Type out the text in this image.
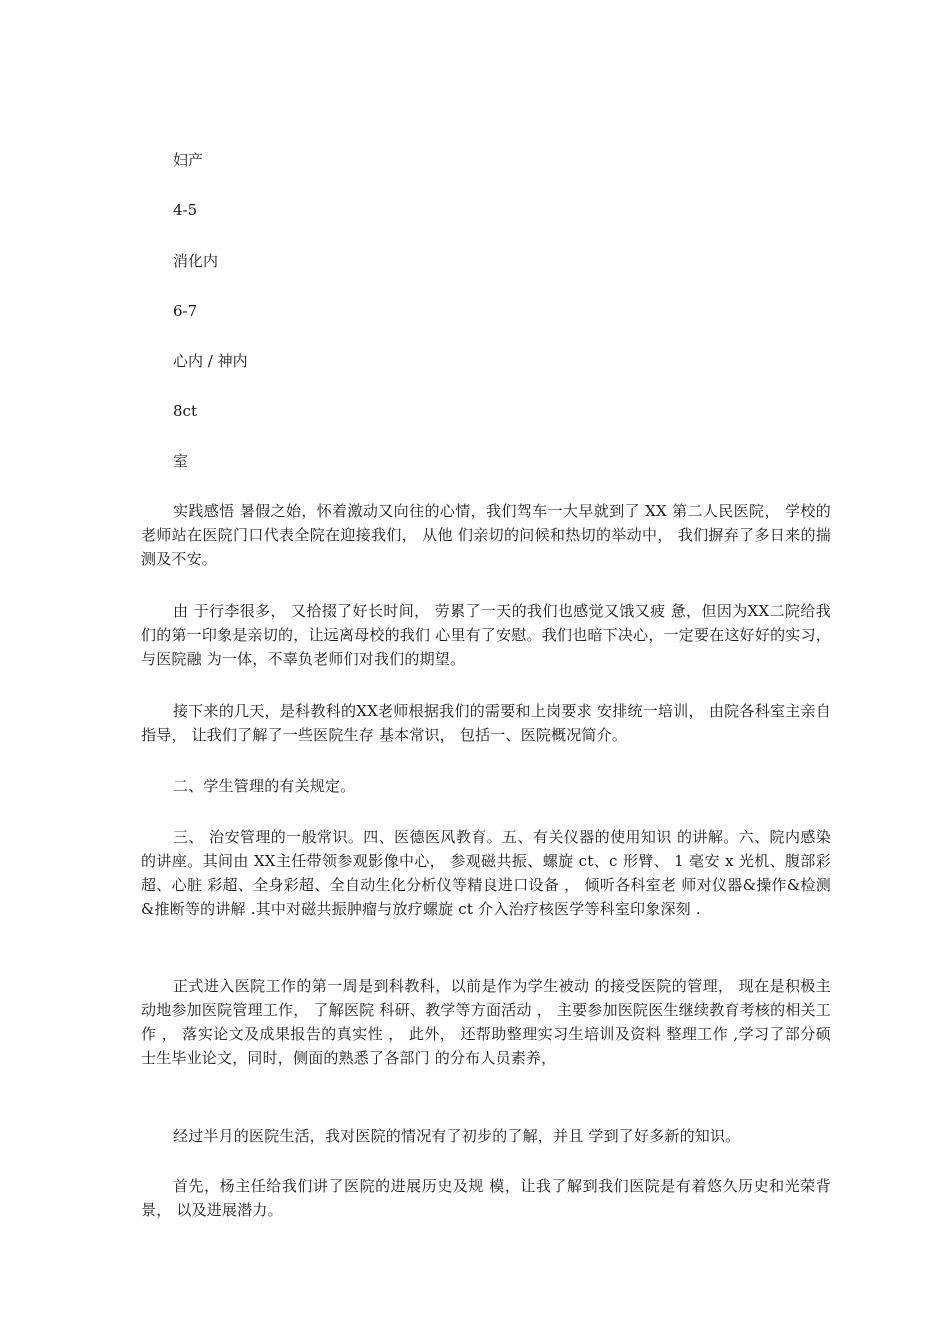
妇产
4-5
消化内
6-7
心内 / 神内
8ct
室

实践感悟 暑假之始，怀着激动又向往的心情，我们驾车一大早就到了 XX 第二人民医院， 学校的老师站在医院门口代表全院在迎接我们， 从他 们亲切的问候和热切的举动中， 我们摒弃了多日来的揣测及不安。

由 于行李很多， 又拾掇了好长时间， 劳累了一天的我们也感觉又饿又疲 惫，但因为XX二院给我们的第一印象是亲切的，让远离母校的我们 心里有了安慰。我们也暗下决心，一定要在这好好的实习，与医院融 为一体，不辜负老师们对我们的期望。

接下来的几天，是科教科的XX老师根据我们的需要和上岗要求 安排统一培训， 由院各科室主亲自指导， 让我们了解了一些医院生存 基本常识， 包括一、医院概况简介。

二、学生管理的有关规定。

三、 治安管理的一般常识。四、医德医风教育。五、有关仪器的使用知识 的讲解。六、院内感染的讲座。其间由 XX主任带领参观影像中心， 参观磁共振、螺旋 ct、c 形臂、 1 毫安 x 光机、腹部彩超、心脏 彩超、全身彩超、全自动生化分析仪等精良进口设备 ， 倾听各科室老 师对仪器&操作&检测&推断等的讲解 .其中对磁共振肿瘤与放疗螺旋 ct 介入治疗核医学等科室印象深刻 .

正式进入医院工作的第一周是到科教科，以前是作为学生被动 的接受医院的管理， 现在是积极主动地参加医院管理工作， 了解医院 科研、教学等方面活动 ， 主要参加医院医生继续教育考核的相关工作 ， 落实论文及成果报告的真实性 ， 此外， 还帮助整理实习生培训及资料 整理工作 ,学习了部分硕士生毕业论文，同时，侧面的熟悉了各部门 的分布人员素养，

经过半月的医院生活，我对医院的情况有了初步的了解，并且 学到了好多新的知识。

首先，杨主任给我们讲了医院的进展历史及规 模，让我了解到我们医院是有着悠久历史和光荣背景， 以及进展潜力。
